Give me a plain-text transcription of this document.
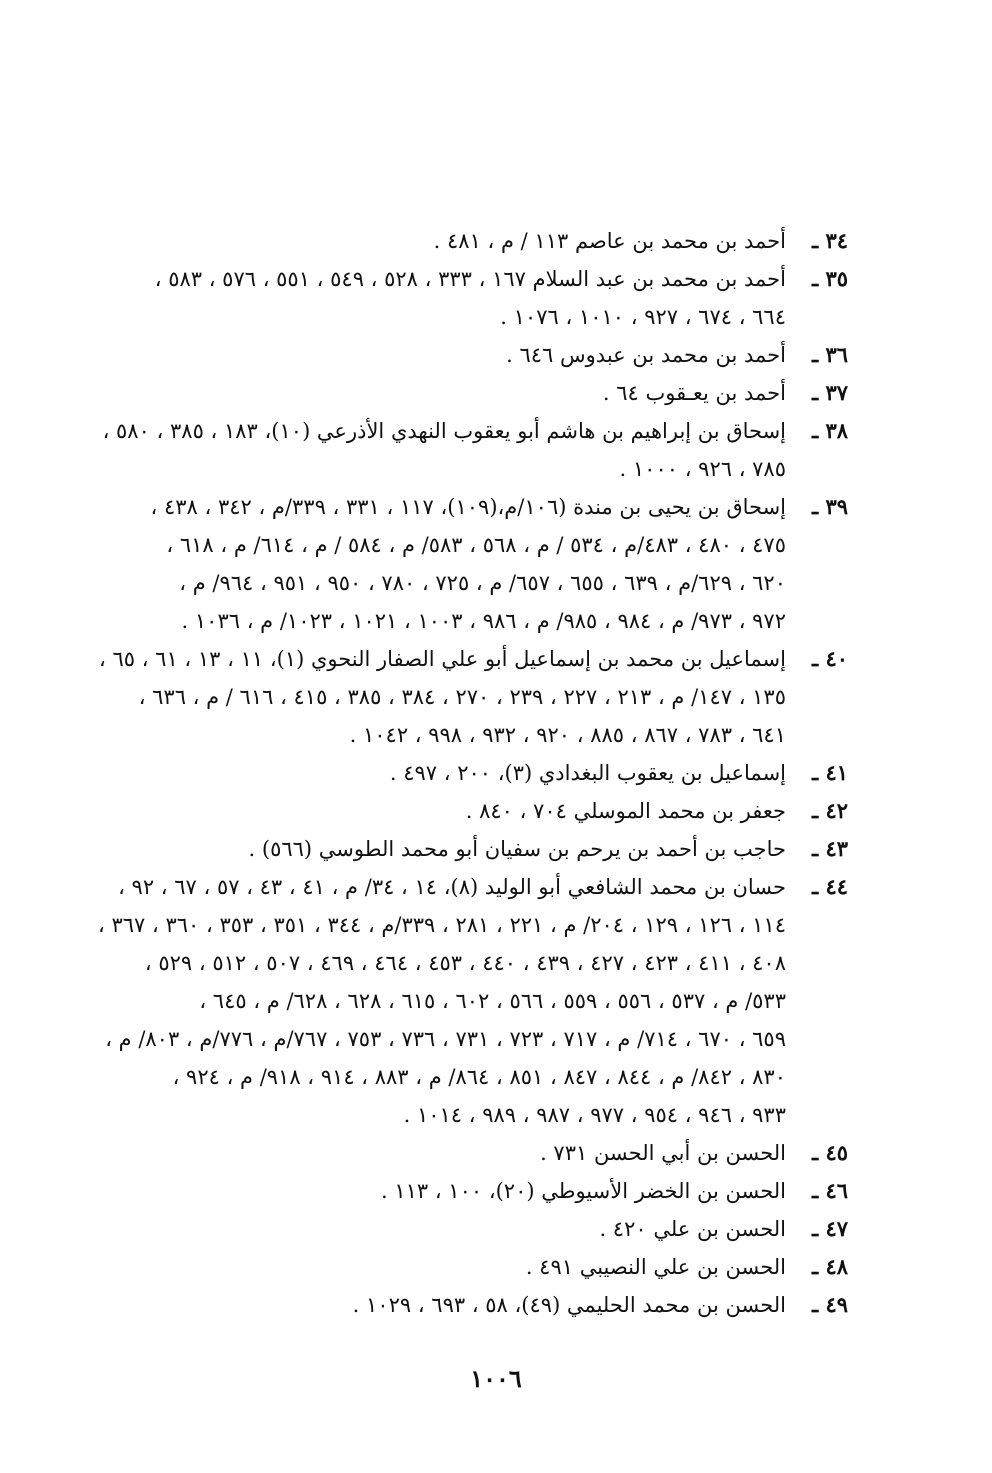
٣٤ ـ
أحمد بن محمد بن عاصم ١١٣ / م ، ٤٨١ .
٣٥ ـ
أحمد بن محمد بن عبد السلام ١٦٧ ، ٣٣٣ ، ٥٢٨ ، ٥٤٩ ، ٥٥١ ، ٥٧٦ ، ٥٨٣ ،
٦٦٤ ، ٦٧٤ ، ٩٢٧ ، ١٠١٠ ، ١٠٧٦ .
٣٦ ـ
أحمد بن محمد بن عبدوس ٦٤٦ .
٣٧ ـ
أحمد بن يعـقوب ٦٤ .
٣٨ ـ
إسحاق بن إبراهيم بن هاشم أبو يعقوب النهدي الأذرعي (١٠)، ١٨٣ ، ٣٨٥ ، ٥٨٠ ،
٧٨٥ ، ٩٢٦ ، ١٠٠٠ .
٣٩ ـ
إسحاق بن يحيى بن مندة (١٠٦/م،(١٠٩)، ١١٧ ، ٣٣١ ، ٣٣٩/م ، ٣٤٢ ، ٤٣٨ ،
٤٧٥ ، ٤٨٠ ، ٤٨٣/م ، ٥٣٤ / م ، ٥٦٨ ، ٥٨٣/ م ، ٥٨٤ / م ، ٦١٤/ م ، ٦١٨ ،
٦٢٠ ، ٦٢٩/م ، ٦٣٩ ، ٦٥٥ ، ٦٥٧/ م ، ٧٢٥ ، ٧٨٠ ، ٩٥٠ ، ٩٥١ ، ٩٦٤/ م ،
٩٧٢ ، ٩٧٣/ م ، ٩٨٤ ، ٩٨٥/ م ، ٩٨٦ ، ١٠٠٣ ، ١٠٢١ ، ١٠٢٣/ م ، ١٠٣٦ .
٤٠ ـ
إسماعيل بن محمد بن إسماعيل أبو علي الصفار النحوي (١)، ١١ ، ١٣ ، ٦١ ، ٦٥ ،
١٣٥ ، ١٤٧/ م ، ٢١٣ ، ٢٢٧ ، ٢٣٩ ، ٢٧٠ ، ٣٨٤ ، ٣٨٥ ، ٤١٥ ، ٦١٦ / م ، ٦٣٦ ،
٦٤١ ، ٧٨٣ ، ٨٦٧ ، ٨٨٥ ، ٩٢٠ ، ٩٣٢ ، ٩٩٨ ، ١٠٤٢ .
٤١ ـ
إسماعيل بن يعقوب البغدادي (٣)، ٢٠٠ ، ٤٩٧ .
٤٢ ـ
جعفر بن محمد الموسلي ٧٠٤ ، ٨٤٠ .
٤٣ ـ
حاجب بن أحمد بن يرحم بن سفيان أبو محمد الطوسي (٥٦٦) .
٤٤ ـ
حسان بن محمد الشافعي أبو الوليد (٨)، ١٤ ، ٣٤/ م ، ٤١ ، ٤٣ ، ٥٧ ، ٦٧ ، ٩٢ ،
١١٤ ، ١٢٦ ، ١٢٩ ، ٢٠٤/ م ، ٢٢١ ، ٢٨١ ، ٣٣٩/م ، ٣٤٤ ، ٣٥١ ، ٣٥٣ ، ٣٦٠ ، ٣٦٧ ،
٤٠٨ ، ٤١١ ، ٤٢٣ ، ٤٢٧ ، ٤٣٩ ، ٤٤٠ ، ٤٥٣ ، ٤٦٤ ، ٤٦٩ ، ٥٠٧ ، ٥١٢ ، ٥٢٩ ،
٥٣٣/ م ، ٥٣٧ ، ٥٥٦ ، ٥٥٩ ، ٥٦٦ ، ٦٠٢ ، ٦١٥ ، ٦٢٨ ، ٦٢٨/ م ، ٦٤٥ ،
٦٥٩ ، ٦٧٠ ، ٧١٤/ م ، ٧١٧ ، ٧٢٣ ، ٧٣١ ، ٧٣٦ ، ٧٥٣ ، ٧٦٧/م ، ٧٧٦/م ، ٨٠٣/ م ،
٨٣٠ ، ٨٤٢/ م ، ٨٤٤ ، ٨٤٧ ، ٨٥١ ، ٨٦٤/ م ، ٨٨٣ ، ٩١٤ ، ٩١٨/ م ، ٩٢٤ ،
٩٣٣ ، ٩٤٦ ، ٩٥٤ ، ٩٧٧ ، ٩٨٧ ، ٩٨٩ ، ١٠١٤ .
٤٥ ـ
الحسن بن أبي الحسن ٧٣١ .
٤٦ ـ
الحسن بن الخضر الأسيوطي (٢٠)، ١٠٠ ، ١١٣ .
٤٧ ـ
الحسن بن علي ٤٢٠ .
٤٨ ـ
الحسن بن علي النصيبي ٤٩١ .
٤٩ ـ
الحسن بن محمد الحليمي (٤٩)، ٥٨ ، ٦٩٣ ، ١٠٢٩ .
١٠٠٦
